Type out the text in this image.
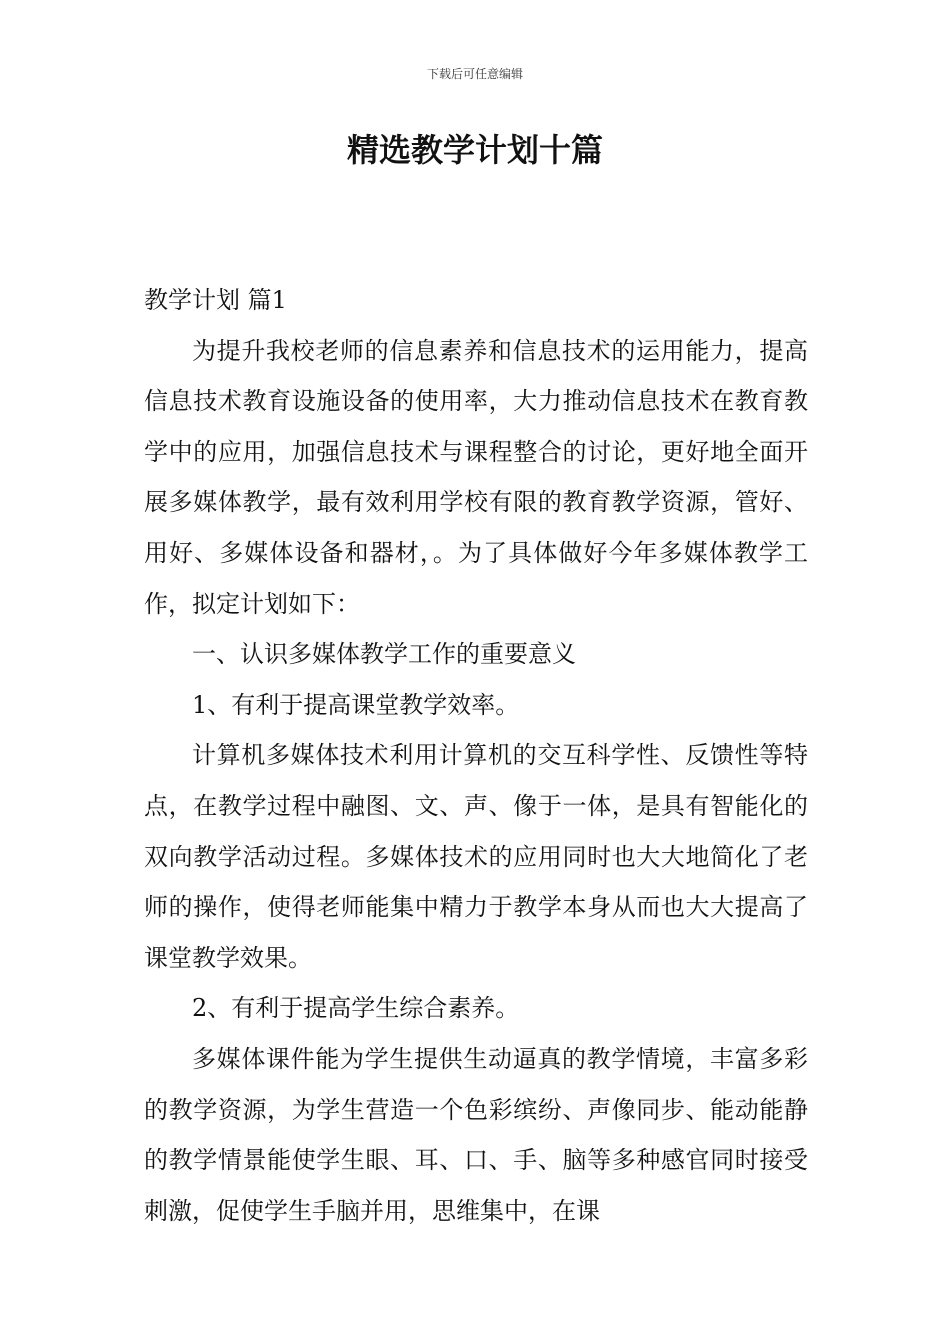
下载后可任意编辑
精选教学计划十篇

教学计划 篇1

为提升我校老师的信息素养和信息技术的运用能力，提高信息技术教育设施设备的使用率，大力推动信息技术在教育教学中的应用，加强信息技术与课程整合的讨论，更好地全面开展多媒体教学，最有效利用学校有限的教育教学资源，管好、用好、多媒体设备和器材，。为了具体做好今年多媒体教学工作，拟定计划如下：

一、认识多媒体教学工作的重要意义

1、有利于提高课堂教学效率。

计算机多媒体技术利用计算机的交互科学性、反馈性等特点，在教学过程中融图、文、声、像于一体，是具有智能化的双向教学活动过程。多媒体技术的应用同时也大大地简化了老师的操作，使得老师能集中精力于教学本身从而也大大提高了课堂教学效果。

2、有利于提高学生综合素养。

多媒体课件能为学生提供生动逼真的教学情境，丰富多彩的教学资源，为学生营造一个色彩缤纷、声像同步、能动能静的教学情景能使学生眼、耳、口、手、脑等多种感官同时接受刺激，促使学生手脑并用，思维集中，在课
